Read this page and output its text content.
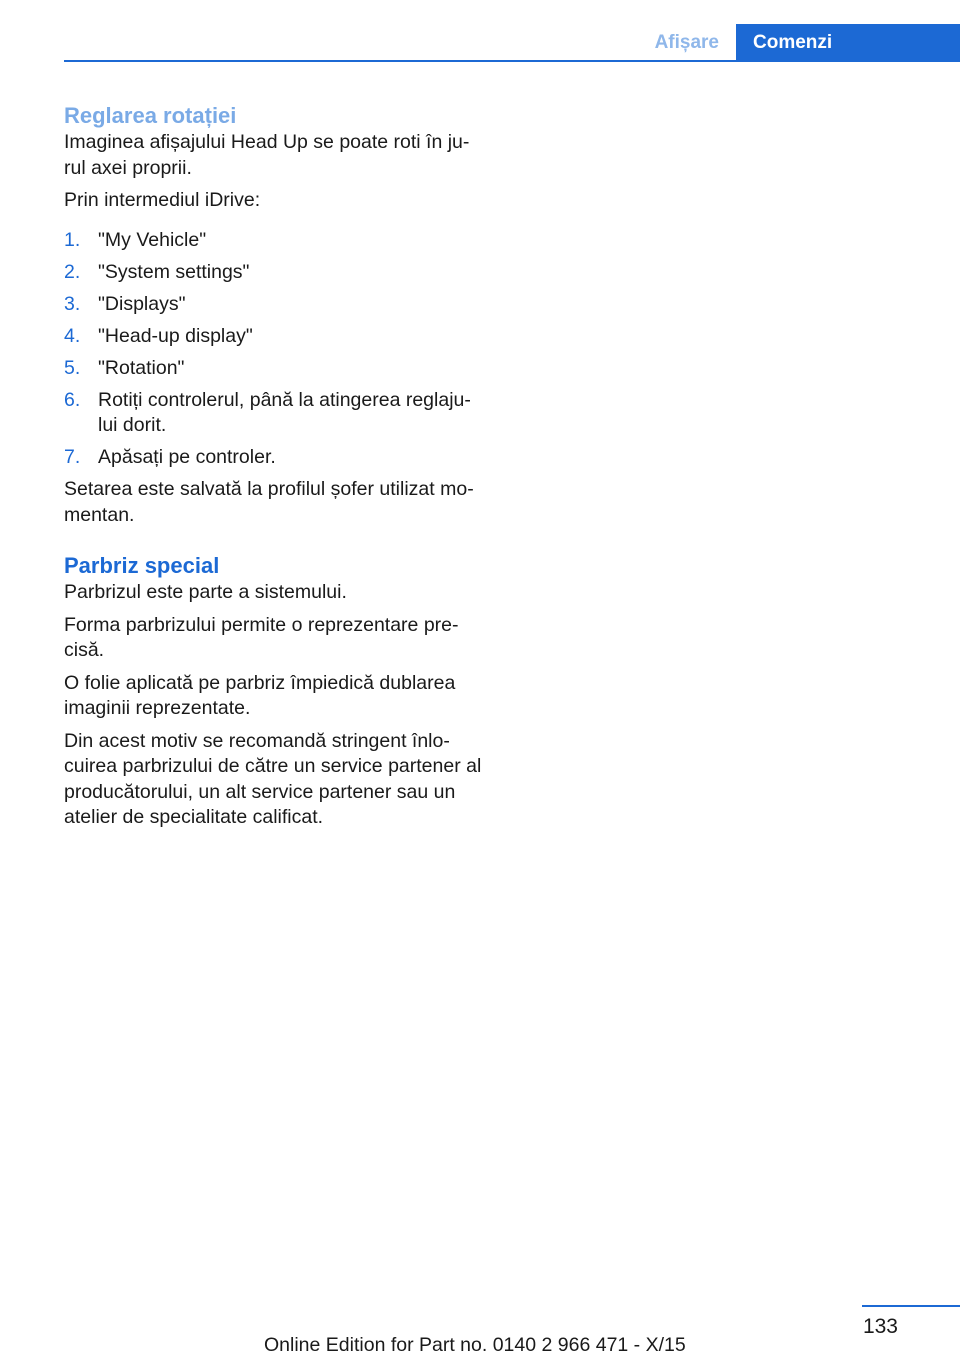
Afișare	Comenzi
Reglarea rotației

Imaginea afișajului Head Up se poate roti în ju-rul axei proprii.

Prin intermediul iDrive:

1. "My Vehicle"
2. "System settings"
3. "Displays"
4. "Head-up display"
5. "Rotation"
6. Rotiți controlerul, până la atingerea reglaju-lui dorit.
7. Apăsați pe controler.

Setarea este salvată la profilul șofer utilizat mo-mentan.

Parbriz special

Parbrizul este parte a sistemului.

Forma parbrizului permite o reprezentare pre-cisă.

O folie aplicată pe parbriz împiedică dublarea imaginii reprezentate.

Din acest motiv se recomandă stringent înlo-cuirea parbrizului de către un service partener al producătorului, un alt service partener sau un atelier de specialitate calificat.

133
Online Edition for Part no. 0140 2 966 471 - X/15
